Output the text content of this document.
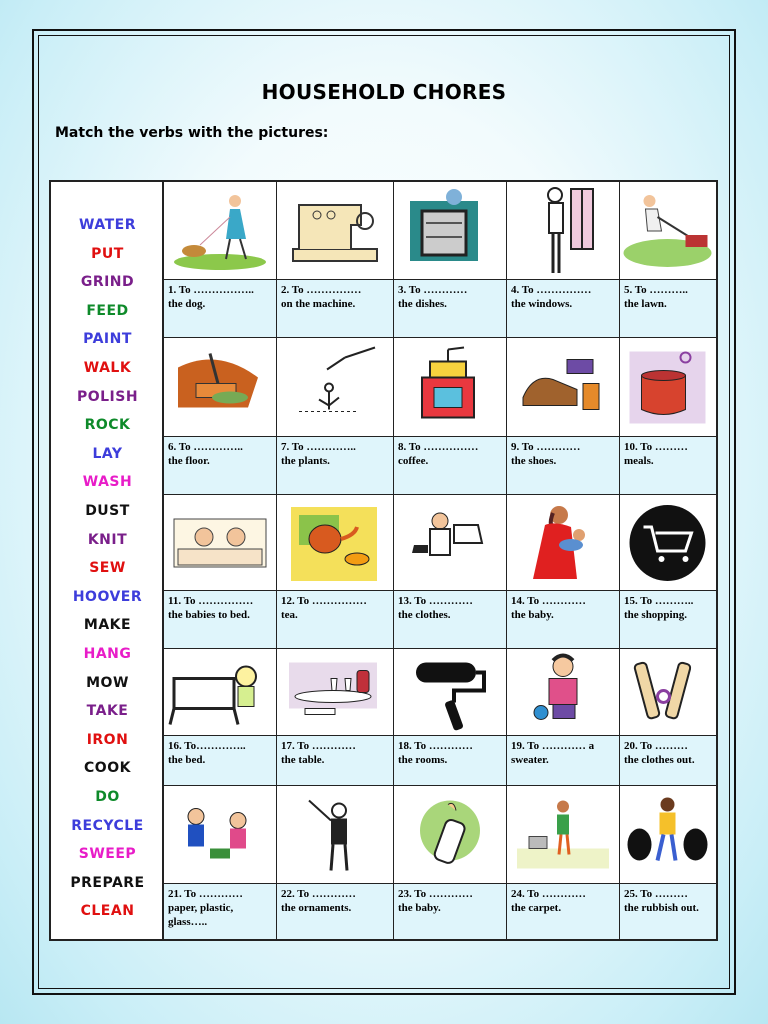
HOUSEHOLD CHORES
Match the verbs with the pictures:
WATER
PUT
GRIND
FEED
PAINT
WALK
POLISH
ROCK
LAY
WASH
DUST
KNIT
SEW
HOOVER
MAKE
HANG
MOW
TAKE
IRON
COOK
DO
RECYCLE
SWEEP
PREPARE
CLEAN
1. To ……………..
the dog.
2. To ……………
on the machine.
3. To …………
the dishes.
4. To ……………
the windows.
5. To ………..
the lawn.
6. To …………..
the floor.
7. To …………..
the plants.
8. To ……………
coffee.
9. To …………
the shoes.
10. To ………
meals.
11. To ……………
the babies to bed.
12. To ……………
tea.
13. To …………
the clothes.
14. To …………
the baby.
15. To ………..
the shopping.
16. To…………..
the bed.
17. To …………
the table.
18. To …………
the rooms.
19. To ………… a
sweater.
20. To ………
the clothes out.
21. To …………
paper, plastic,
glass…..
22. To …………
the ornaments.
23. To …………
the baby.
24. To …………
the carpet.
25. To ………
the rubbish out.
